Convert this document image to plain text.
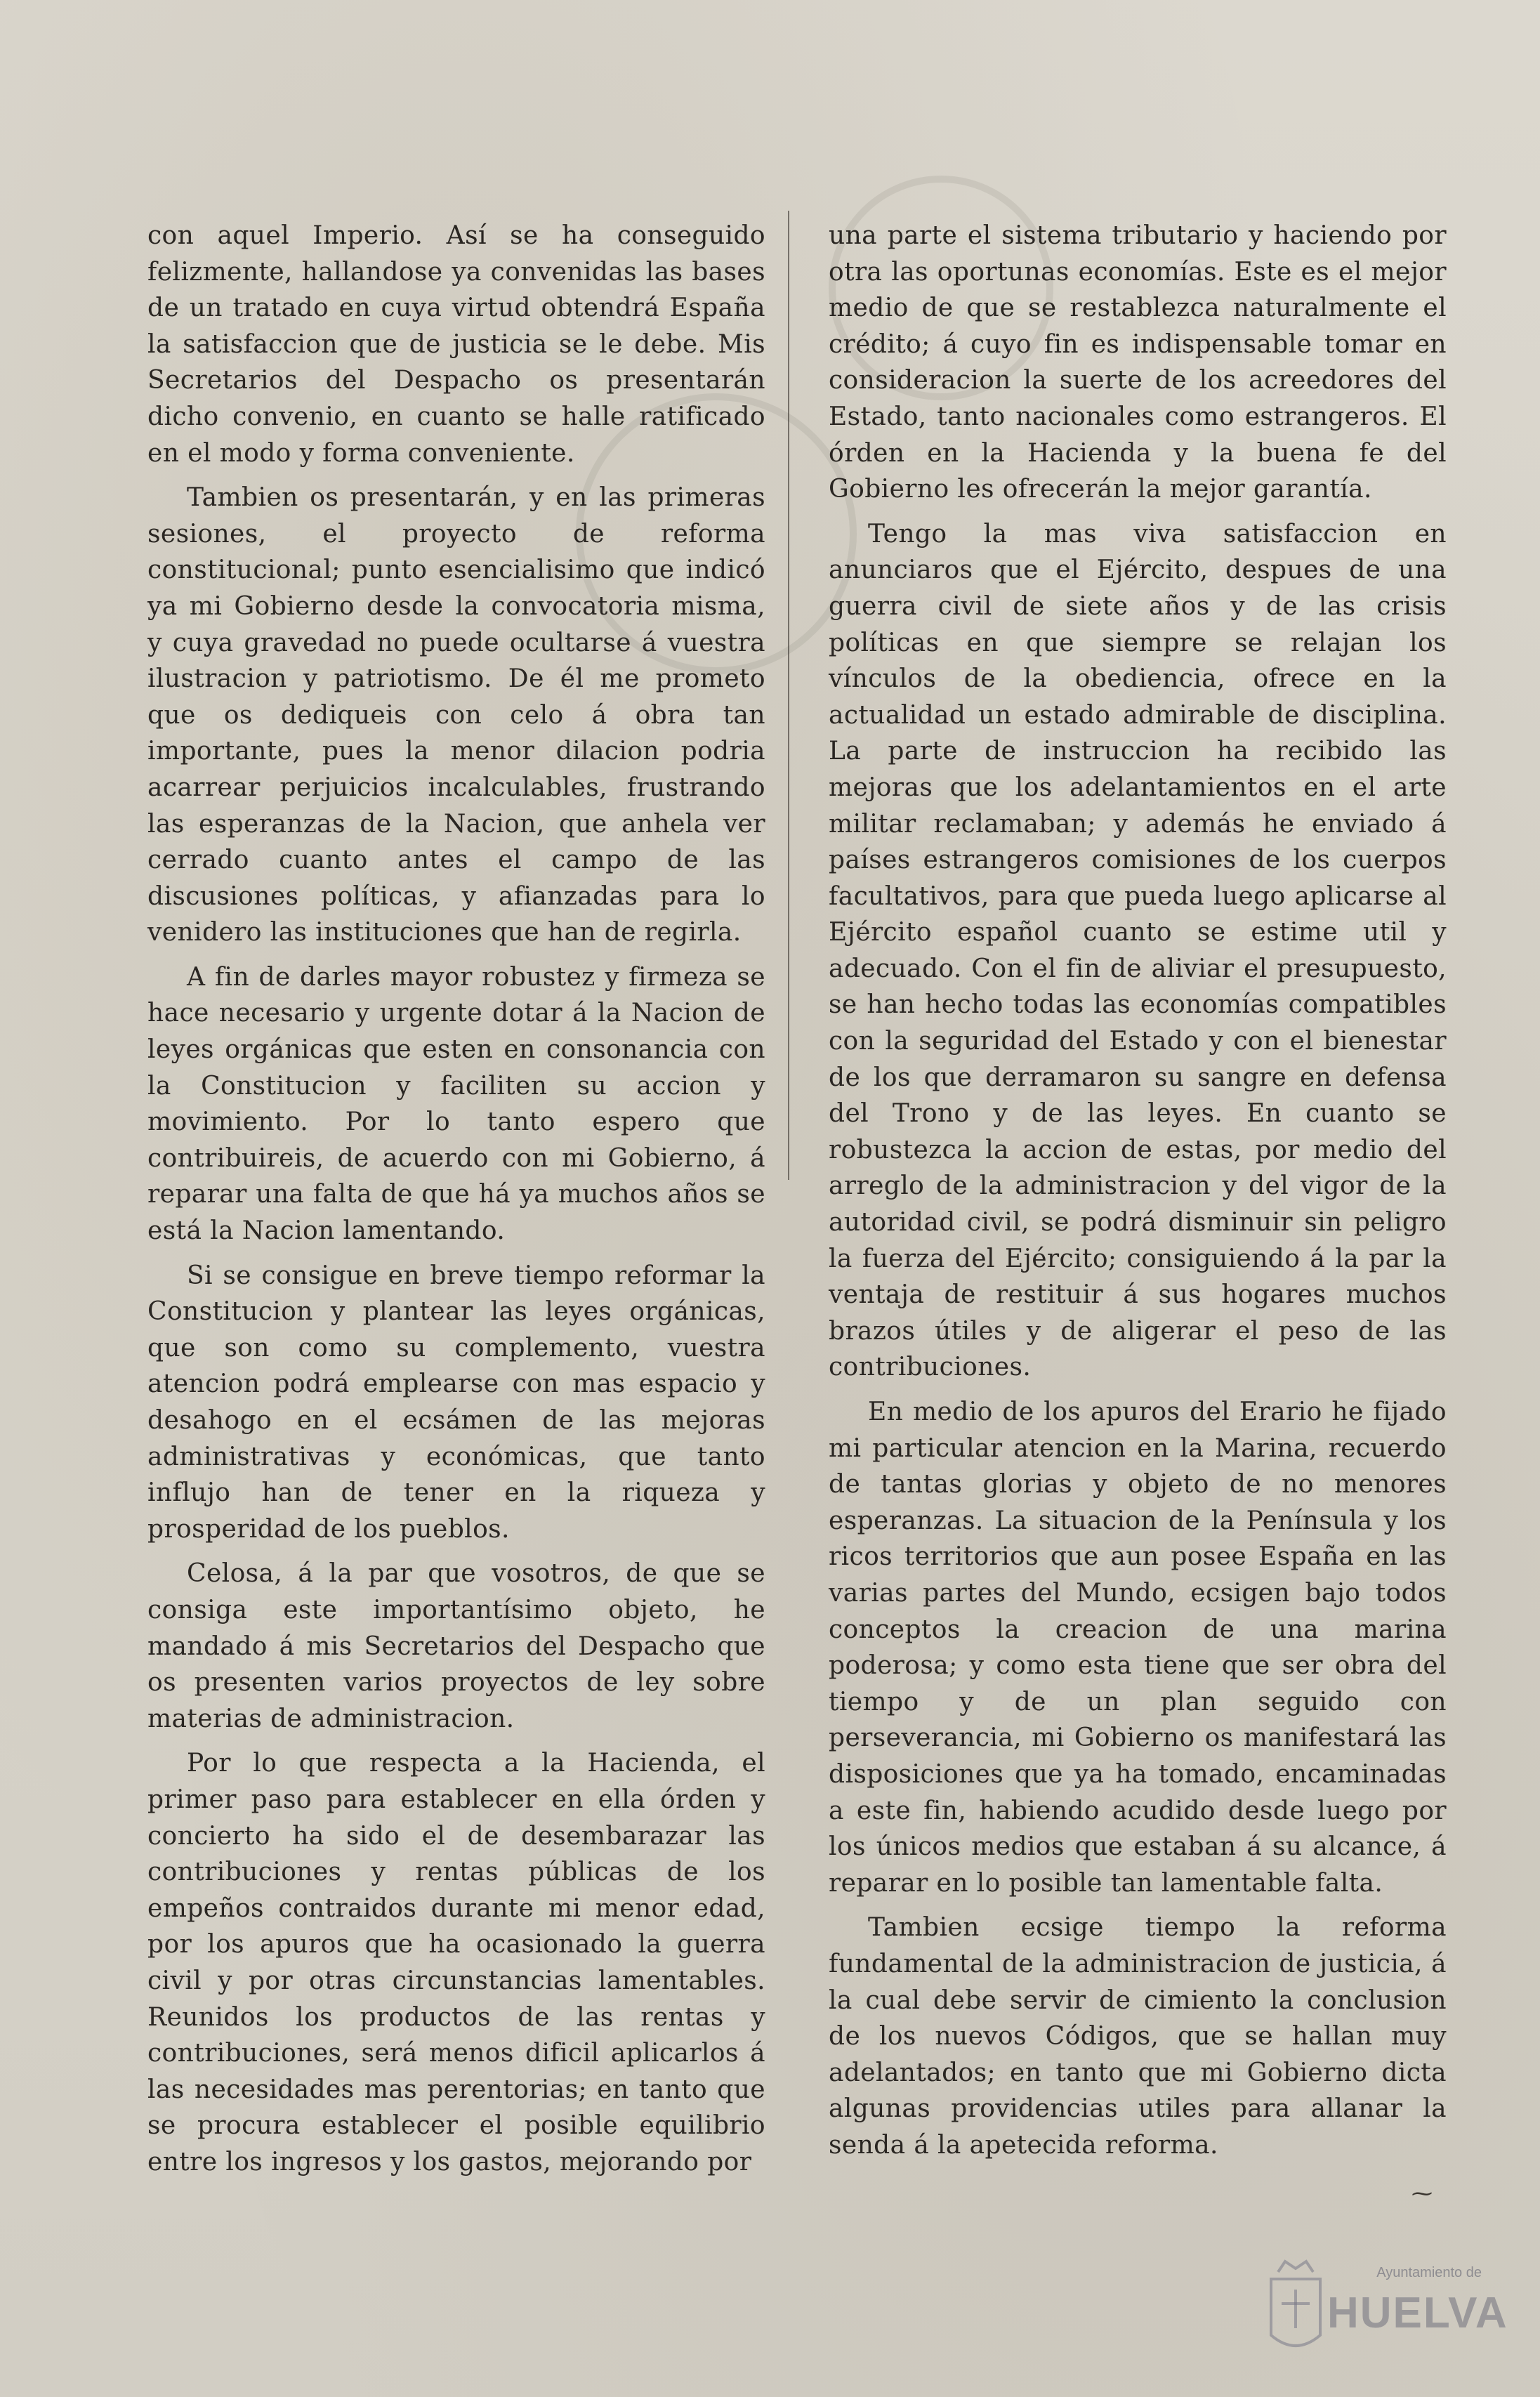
con aquel Imperio. Así se ha conseguido felizmente, hallandose ya convenidas las bases de un tratado en cuya virtud obtendrá España la satisfaccion que de justicia se le debe. Mis Secretarios del Despacho os presentarán dicho convenio, en cuanto se halle ratificado en el modo y forma conveniente.

Tambien os presentarán, y en las primeras sesiones, el proyecto de reforma constitucional; punto esencialisimo que indicó ya mi Gobierno desde la convocatoria misma, y cuya gravedad no puede ocultarse á vuestra ilustracion y patriotismo. De él me prometo que os dediqueis con celo á obra tan importante, pues la menor dilacion podria acarrear perjuicios incalculables, frustrando las esperanzas de la Nacion, que anhela ver cerrado cuanto antes el campo de las discusiones políticas, y afianzadas para lo venidero las instituciones que han de regirla.

A fin de darles mayor robustez y firmeza se hace necesario y urgente dotar á la Nacion de leyes orgánicas que esten en consonancia con la Constitucion y faciliten su accion y movimiento. Por lo tanto espero que contribuireis, de acuerdo con mi Gobierno, á reparar una falta de que há ya muchos años se está la Nacion lamentando.

Si se consigue en breve tiempo reformar la Constitucion y plantear las leyes orgánicas, que son como su complemento, vuestra atencion podrá emplearse con mas espacio y desahogo en el ecsámen de las mejoras administrativas y económicas, que tanto influjo han de tener en la riqueza y prosperidad de los pueblos.

Celosa, á la par que vosotros, de que se consiga este importantísimo objeto, he mandado á mis Secretarios del Despacho que os presenten varios proyectos de ley sobre materias de administracion.

Por lo que respecta a la Hacienda, el primer paso para establecer en ella órden y concierto ha sido el de desembarazar las contribuciones y rentas públicas de los empeños contraidos durante mi menor edad, por los apuros que ha ocasionado la guerra civil y por otras circunstancias lamentables. Reunidos los productos de las rentas y contribuciones, será menos dificil aplicarlos á las necesidades mas perentorias; en tanto que se procura establecer el posible equilibrio entre los ingresos y los gastos, mejorando por

una parte el sistema tributario y haciendo por otra las oportunas economías. Este es el mejor medio de que se restablezca naturalmente el crédito; á cuyo fin es indispensable tomar en consideracion la suerte de los acreedores del Estado, tanto nacionales como estrangeros. El órden en la Hacienda y la buena fe del Gobierno les ofrecerán la mejor garantía.

Tengo la mas viva satisfaccion en anunciaros que el Ejército, despues de una guerra civil de siete años y de las crisis políticas en que siempre se relajan los vínculos de la obediencia, ofrece en la actualidad un estado admirable de disciplina. La parte de instruccion ha recibido las mejoras que los adelantamientos en el arte militar reclamaban; y además he enviado á países estrangeros comisiones de los cuerpos facultativos, para que pueda luego aplicarse al Ejército español cuanto se estime util y adecuado. Con el fin de aliviar el presupuesto, se han hecho todas las economías compatibles con la seguridad del Estado y con el bienestar de los que derramaron su sangre en defensa del Trono y de las leyes. En cuanto se robustezca la accion de estas, por medio del arreglo de la administracion y del vigor de la autoridad civil, se podrá disminuir sin peligro la fuerza del Ejército; consiguiendo á la par la ventaja de restituir á sus hogares muchos brazos útiles y de aligerar el peso de las contribuciones.

En medio de los apuros del Erario he fijado mi particular atencion en la Marina, recuerdo de tantas glorias y objeto de no menores esperanzas. La situacion de la Península y los ricos territorios que aun posee España en las varias partes del Mundo, ecsigen bajo todos conceptos la creacion de una marina poderosa; y como esta tiene que ser obra del tiempo y de un plan seguido con perseverancia, mi Gobierno os manifestará las disposiciones que ya ha tomado, encaminadas a este fin, habiendo acudido desde luego por los únicos medios que estaban á su alcance, á reparar en lo posible tan lamentable falta.

Tambien ecsige tiempo la reforma fundamental de la administracion de justicia, á la cual debe servir de cimiento la conclusion de los nuevos Códigos, que se hallan muy adelantados; en tanto que mi Gobierno dicta algunas providencias utiles para allanar la senda á la apetecida reforma.

⁓
Ayuntamiento de
HUELVA
